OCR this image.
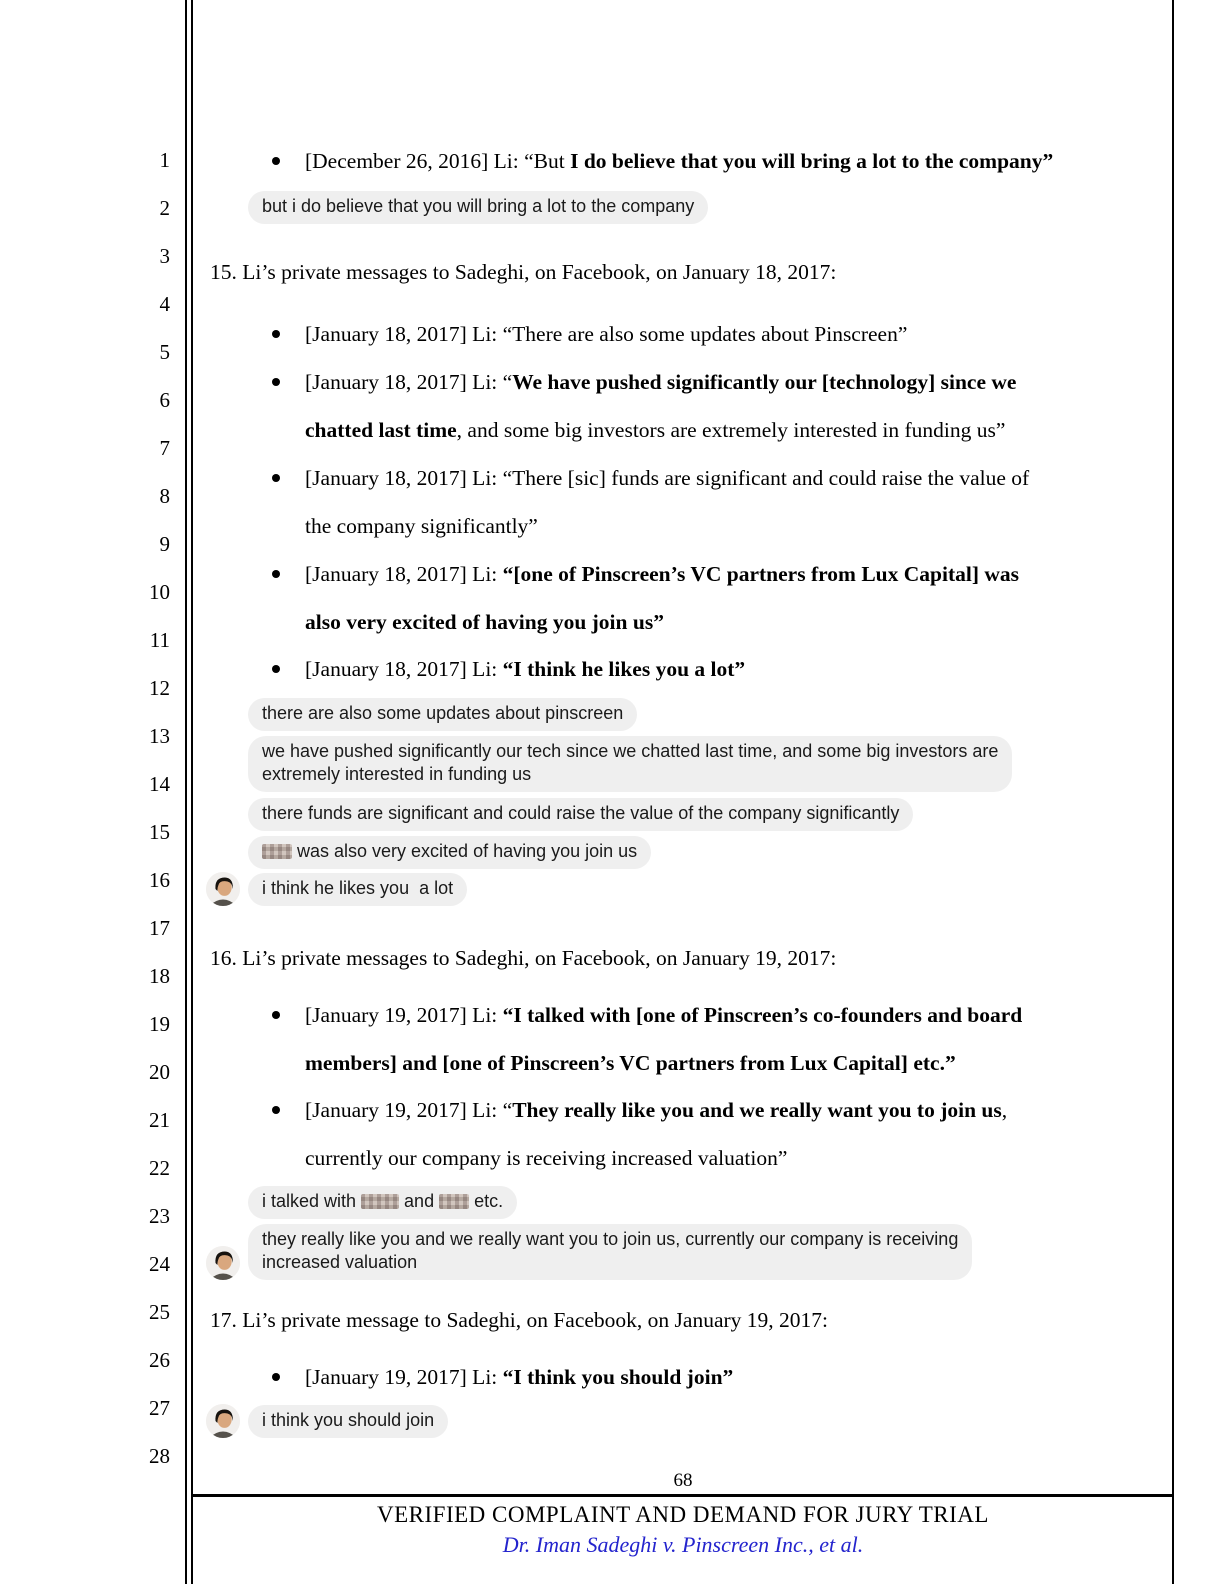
1
2
3
4
5
6
7
8
9
10
11
12
13
14
15
16
17
18
19
20
21
22
23
24
25
26
27
28
[December 26, 2016] Li: “But I do believe that you will bring a lot to the company”
but i do believe that you will bring a lot to the company
15. Li’s private messages to Sadeghi, on Facebook, on January 18, 2017:
[January 18, 2017] Li: “There are also some updates about Pinscreen”
[January 18, 2017] Li: “We have pushed significantly our [technology] since we
chatted last time, and some big investors are extremely interested in funding us”
[January 18, 2017] Li: “There [sic] funds are significant and could raise the value of
the company significantly”
[January 18, 2017] Li: “[one of Pinscreen’s VC partners from Lux Capital] was
also very excited of having you join us”
[January 18, 2017] Li: “I think he likes you a lot”
there are also some updates about pinscreen
we have pushed significantly our tech since we chatted last time, and some big investors are
extremely interested in funding us
there funds are significant and could raise the value of the company significantly
was also very excited of having you join us
i think he likes you  a lot
16. Li’s private messages to Sadeghi, on Facebook, on January 19, 2017:
[January 19, 2017] Li: “I talked with [one of Pinscreen’s co-founders and board
members] and [one of Pinscreen’s VC partners from Lux Capital] etc.”
[January 19, 2017] Li: “They really like you and we really want you to join us,
currently our company is receiving increased valuation”
i talked with  and  etc.
they really like you and we really want you to join us, currently our company is receiving
increased valuation
17. Li’s private message to Sadeghi, on Facebook, on January 19, 2017:
[January 19, 2017] Li: “I think you should join”
i think you should join
68
VERIFIED COMPLAINT AND DEMAND FOR JURY TRIAL
Dr. Iman Sadeghi v. Pinscreen Inc., et al.
